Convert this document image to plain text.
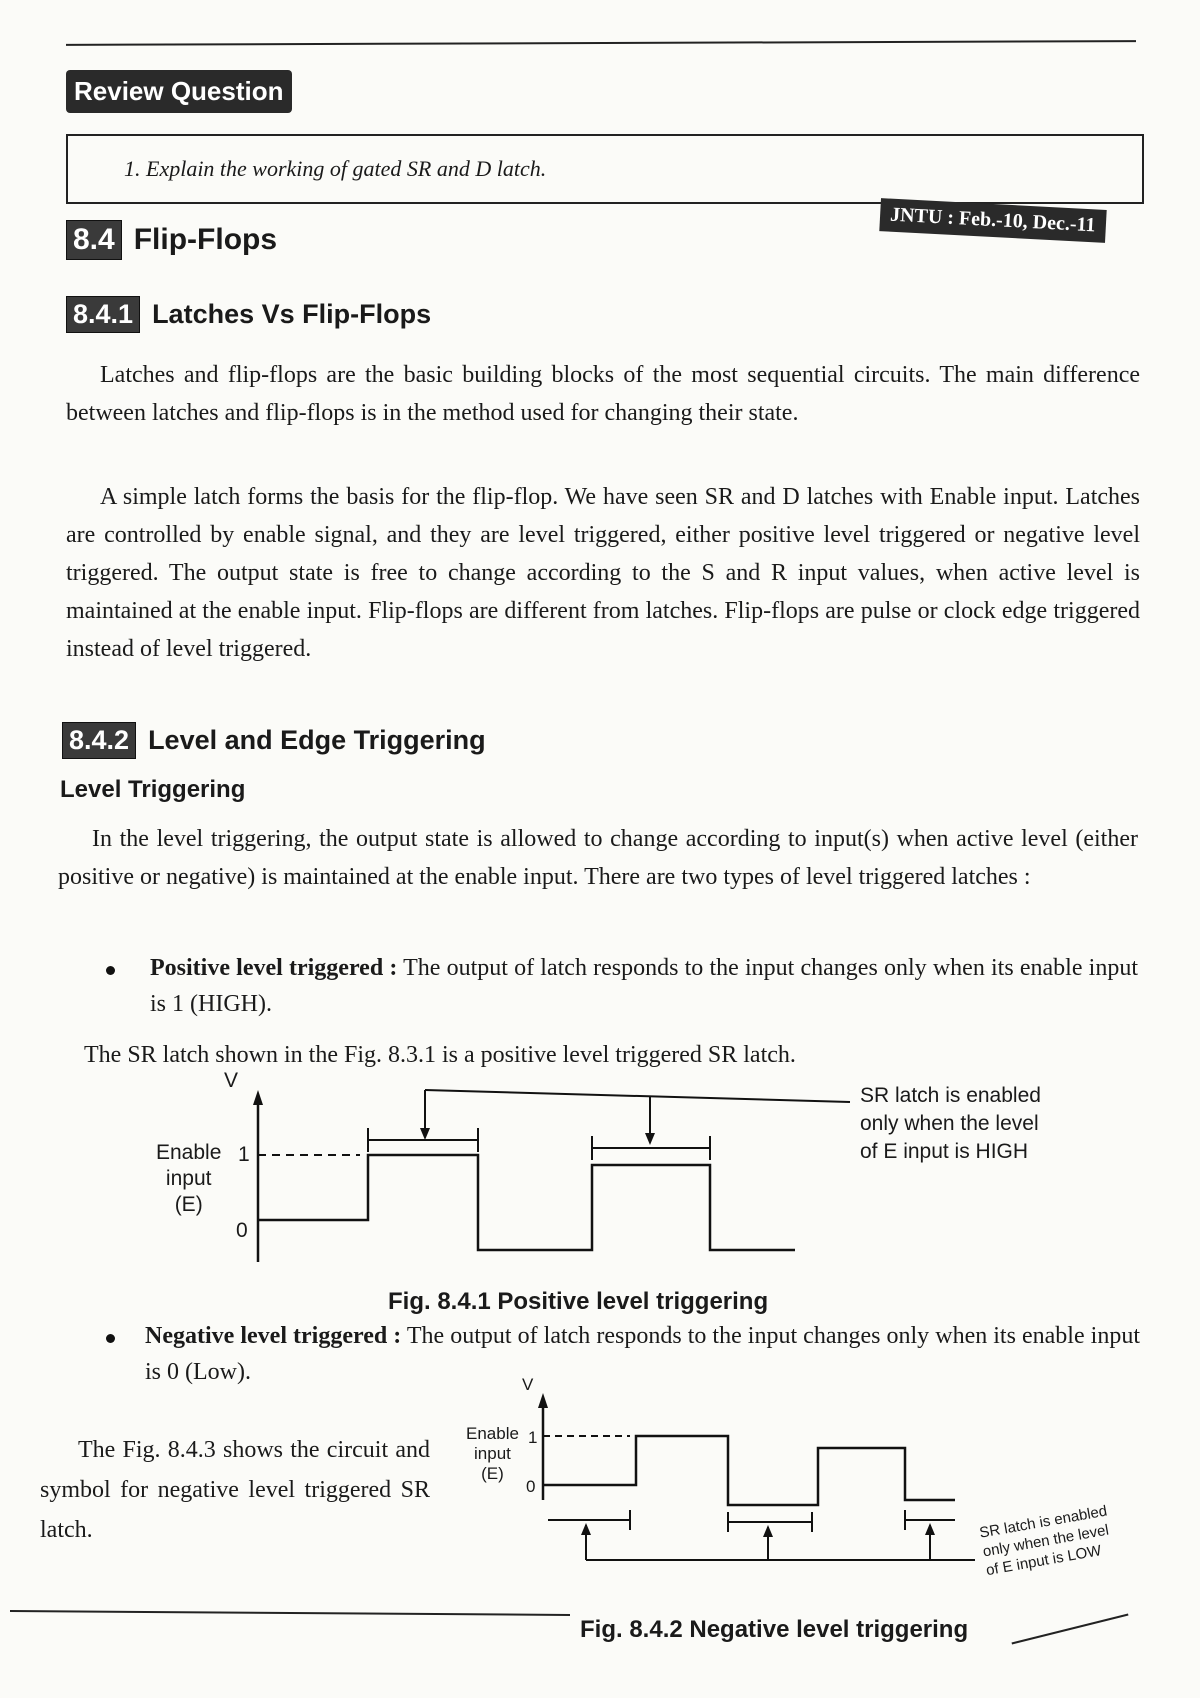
Review Question
1. Explain the working of gated SR and D latch.
JNTU : Feb.-10, Dec.-11
8.4 Flip-Flops
8.4.1 Latches Vs Flip-Flops

Latches and flip-flops are the basic building blocks of the most sequential circuits. The main difference between latches and flip-flops is in the method used for changing their state.

A simple latch forms the basis for the flip-flop. We have seen SR and D latches with Enable input. Latches are controlled by enable signal, and they are level triggered, either positive level triggered or negative level triggered. The output state is free to change according to the S and R input values, when active level is maintained at the enable input. Flip-flops are different from latches. Flip-flops are pulse or clock edge triggered instead of level triggered.

8.4.2 Level and Edge Triggering
Level Triggering

In the level triggering, the output state is allowed to change according to input(s) when active level (either positive or negative) is maintained at the enable input. There are two types of level triggered latches :

Positive level triggered : The output of latch responds to the input changes only when its enable input is 1 (HIGH).

The SR latch shown in the Fig. 8.3.1 is a positive level triggered SR latch.

V
Enable
input
(E)
1
0
SR latch is enabled
only when the level
of E input is HIGH
Fig. 8.4.1 Positive level triggering

Negative level triggered : The output of latch responds to the input changes only when its enable input is 0 (Low).

The Fig. 8.4.3 shows the circuit and symbol for negative level triggered SR latch.

V
Enable
input
(E)
1
0
SR latch is enabled
only when the level
of E input is LOW
Fig. 8.4.2 Negative level triggering
